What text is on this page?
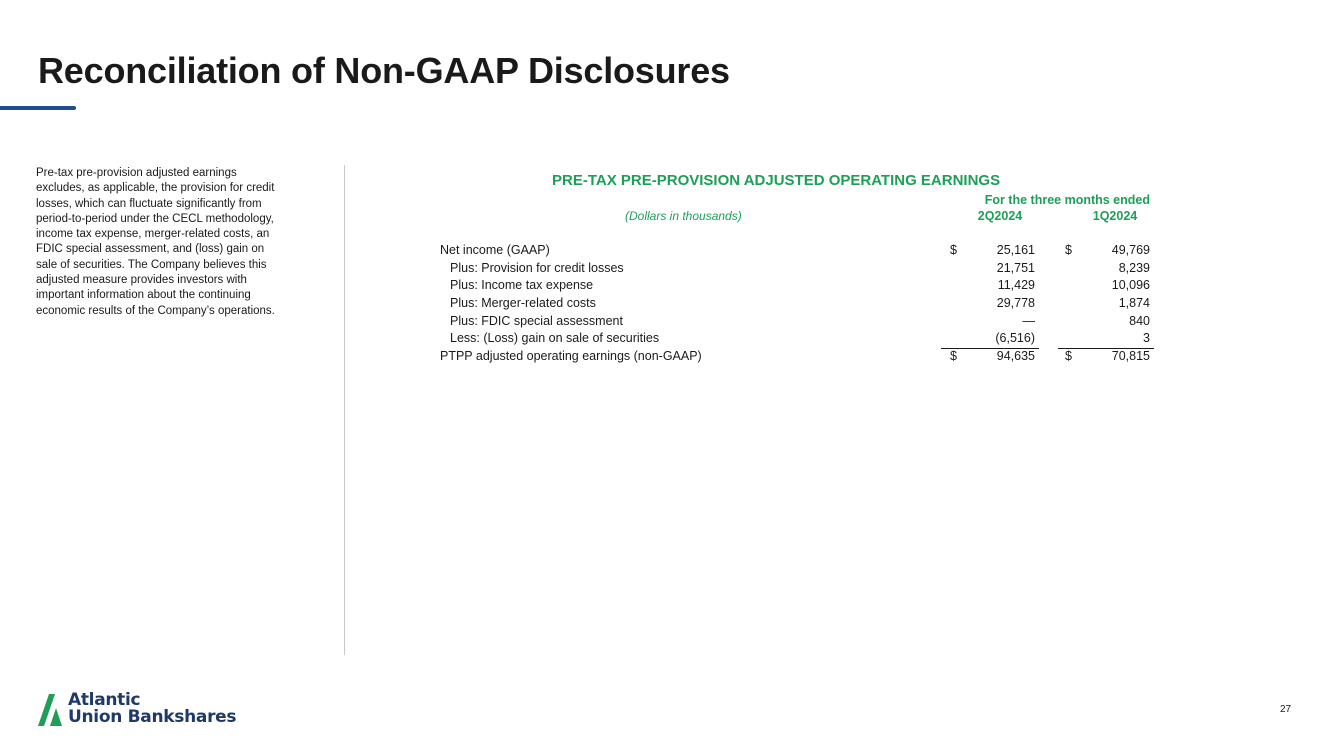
Reconciliation of Non-GAAP Disclosures
Pre-tax pre-provision adjusted earnings excludes, as applicable, the provision for credit losses, which can fluctuate significantly from period-to-period under the CECL methodology, income tax expense, merger-related costs, an FDIC special assessment, and (loss) gain on sale of securities. The Company believes this adjusted measure provides investors with important information about the continuing economic results of the Company’s operations.
PRE-TAX PRE-PROVISION ADJUSTED OPERATING EARNINGS
For the three months ended
(Dollars in thousands)	2Q2024	1Q2024
Net income (GAAP)	$	25,161 $	49,769
Plus: Provision for credit losses	21,751	8,239
Plus: Income tax expense	11,429	10,096
Plus: Merger-related costs	29,778	1,874
Plus: FDIC special assessment	—	840
Less: (Loss) gain on sale of securities	(6,516)	3
PTPP adjusted operating earnings (non-GAAP)	$	94,635 $	70,815
Atlantic
Union Bankshares	27
